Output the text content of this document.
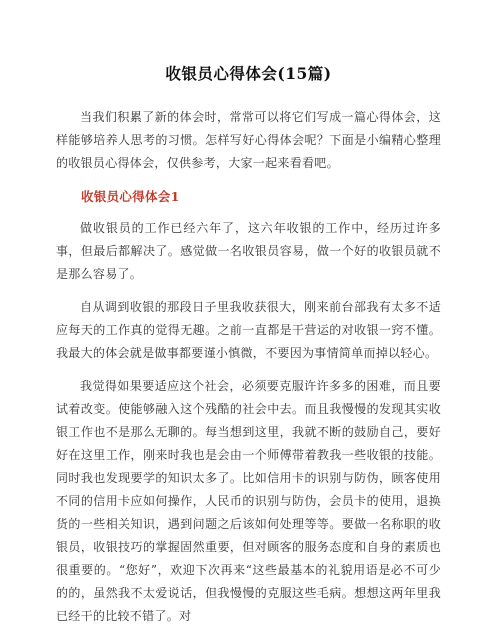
收银员心得体会(15篇)

当我们积累了新的体会时，常常可以将它们写成一篇心得体会，这样能够培养人思考的习惯。怎样写好心得体会呢？下面是小编精心整理的收银员心得体会，仅供参考，大家一起来看看吧。

收银员心得体会1

做收银员的工作已经六年了，这六年收银的工作中，经历过许多事，但最后都解决了。感觉做一名收银员容易，做一个好的收银员就不是那么容易了。

自从调到收银的那段日子里我收获很大，刚来前台部我有太多不适应每天的工作真的觉得无趣。之前一直都是干营运的对收银一窍不懂。我最大的体会就是做事都要谨小慎微，不要因为事情简单而掉以轻心。

我觉得如果要适应这个社会，必须要克服许许多多的困难，而且要试着改变。使能够融入这个残酷的社会中去。而且我慢慢的发现其实收银工作也不是那么无聊的。每当想到这里，我就不断的鼓励自己，要好好在这里工作，刚来时我也是会由一个师傅带着教我一些收银的技能。同时我也发现要学的知识太多了。比如信用卡的识别与防伪，顾客使用不同的信用卡应如何操作，人民币的识别与防伪，会员卡的使用，退换货的一些相关知识，遇到问题之后该如何处理等等。要做一名称职的收银员，收银技巧的掌握固然重要，但对顾客的服务态度和自身的素质也很重要的。“您好”，欢迎下次再来“这些最基本的礼貌用语是必不可少的的，虽然我不太爱说话，但我慢慢的克服这些毛病。想想这两年里我已经干的比较不错了。对
